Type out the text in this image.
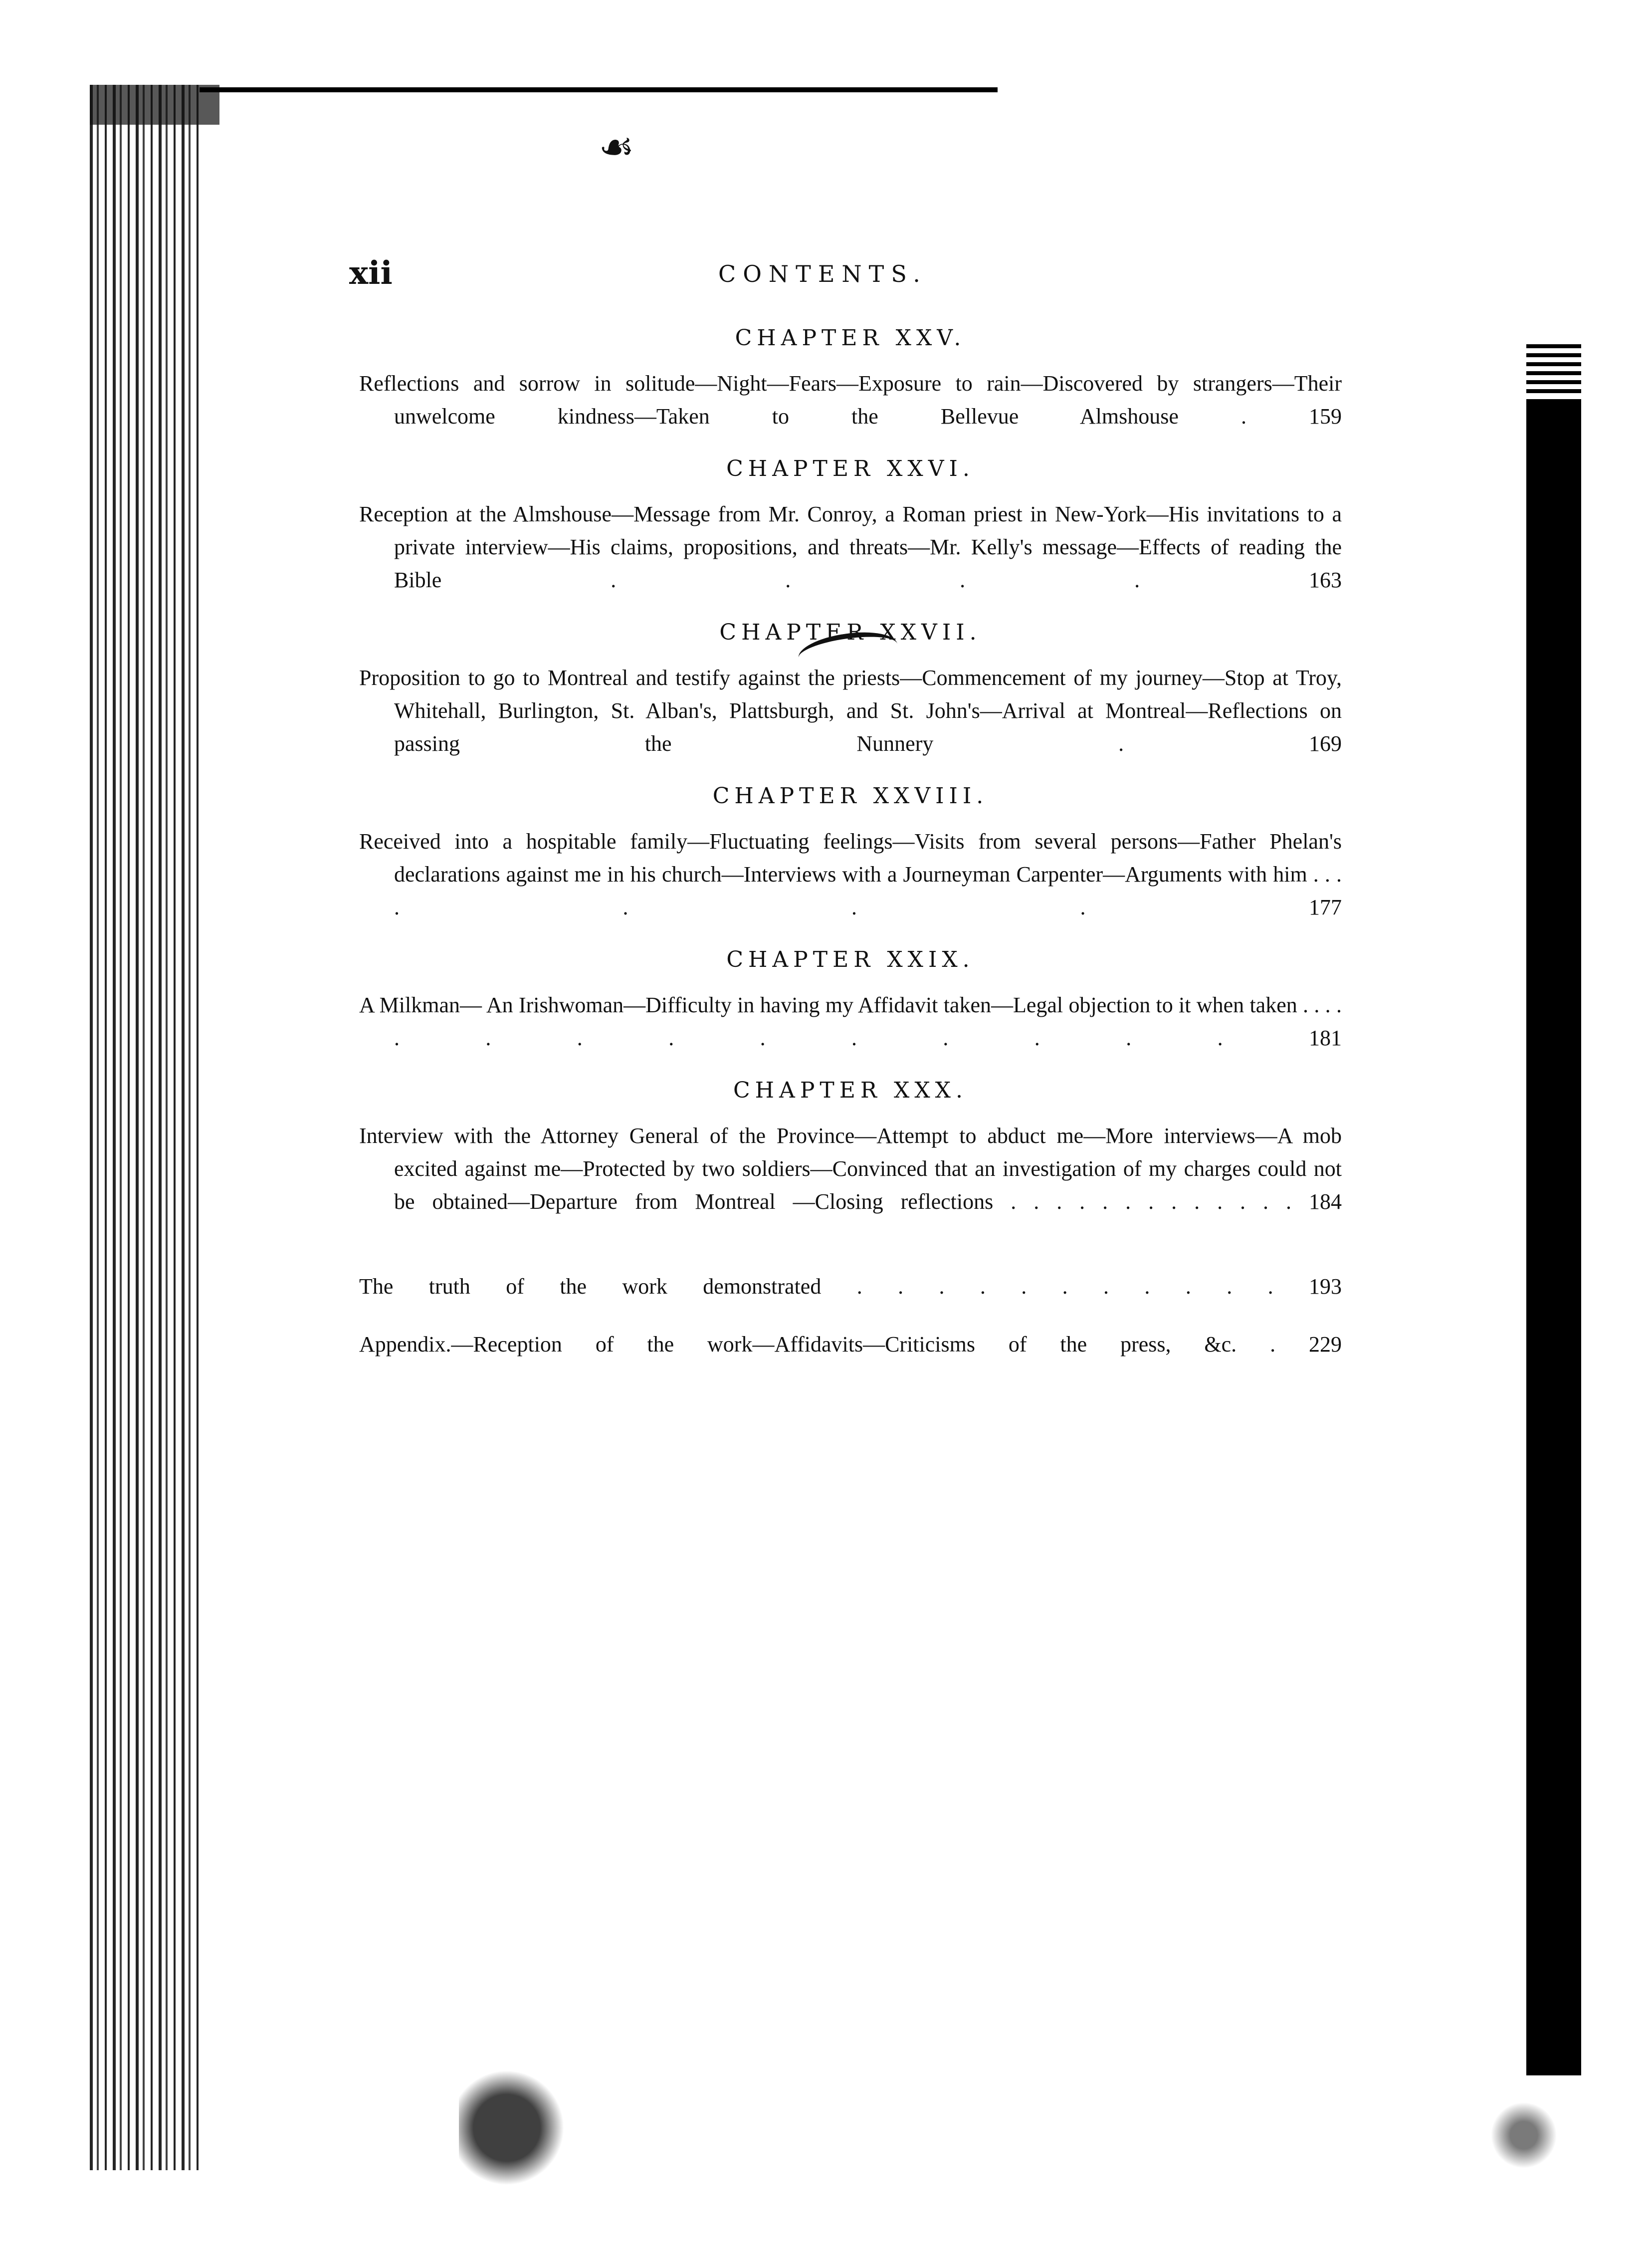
☙
xii	CONTENTS.
CHAPTER XXV.

Reflections and sorrow in solitude—Night—Fears—Exposure to rain—Discovered by strangers—Their unwelcome kindness—Taken to the Bellevue Almshouse	. 159

CHAPTER XXVI.

Reception at the Almshouse—Message from Mr. Conroy, a Roman priest in New-York—His invitations to a private interview—His claims, propositions, and threats—Mr. Kelly's message—Effects of reading the Bible . . . .	163

CHAPTER XXVII.

Proposition to go to Montreal and testify against the priests—Commencement of my journey—Stop at Troy, Whitehall, Burlington, St. Alban's, Plattsburgh, and St. John's—Arrival at Montreal—Reflections on passing the Nunnery .	169

CHAPTER XXVIII.

Received into a hospitable family—Fluctuating feelings—Visits from several persons—Father Phelan's declarations against me in his church—Interviews with a Journeyman Carpenter—Arguments with him . . . . . . .	177

CHAPTER XXIX.

A Milkman— An Irishwoman—Difficulty in having my Affidavit taken—Legal objection to it when taken . . . . . . . . . . . . . .	181

CHAPTER XXX.

Interview with the Attorney General of the Province—Attempt to abduct me—More interviews—A mob excited against me—Protected by two soldiers—Convinced that an investigation of my charges could not be obtained—Departure from Montreal —Closing reflections . . . . . . . . . . . . . 184

The truth of the work demonstrated . . . . . . . . . . . 193

Appendix.—Reception of the work—Affidavits—Criticisms of the press, &c. . 229
